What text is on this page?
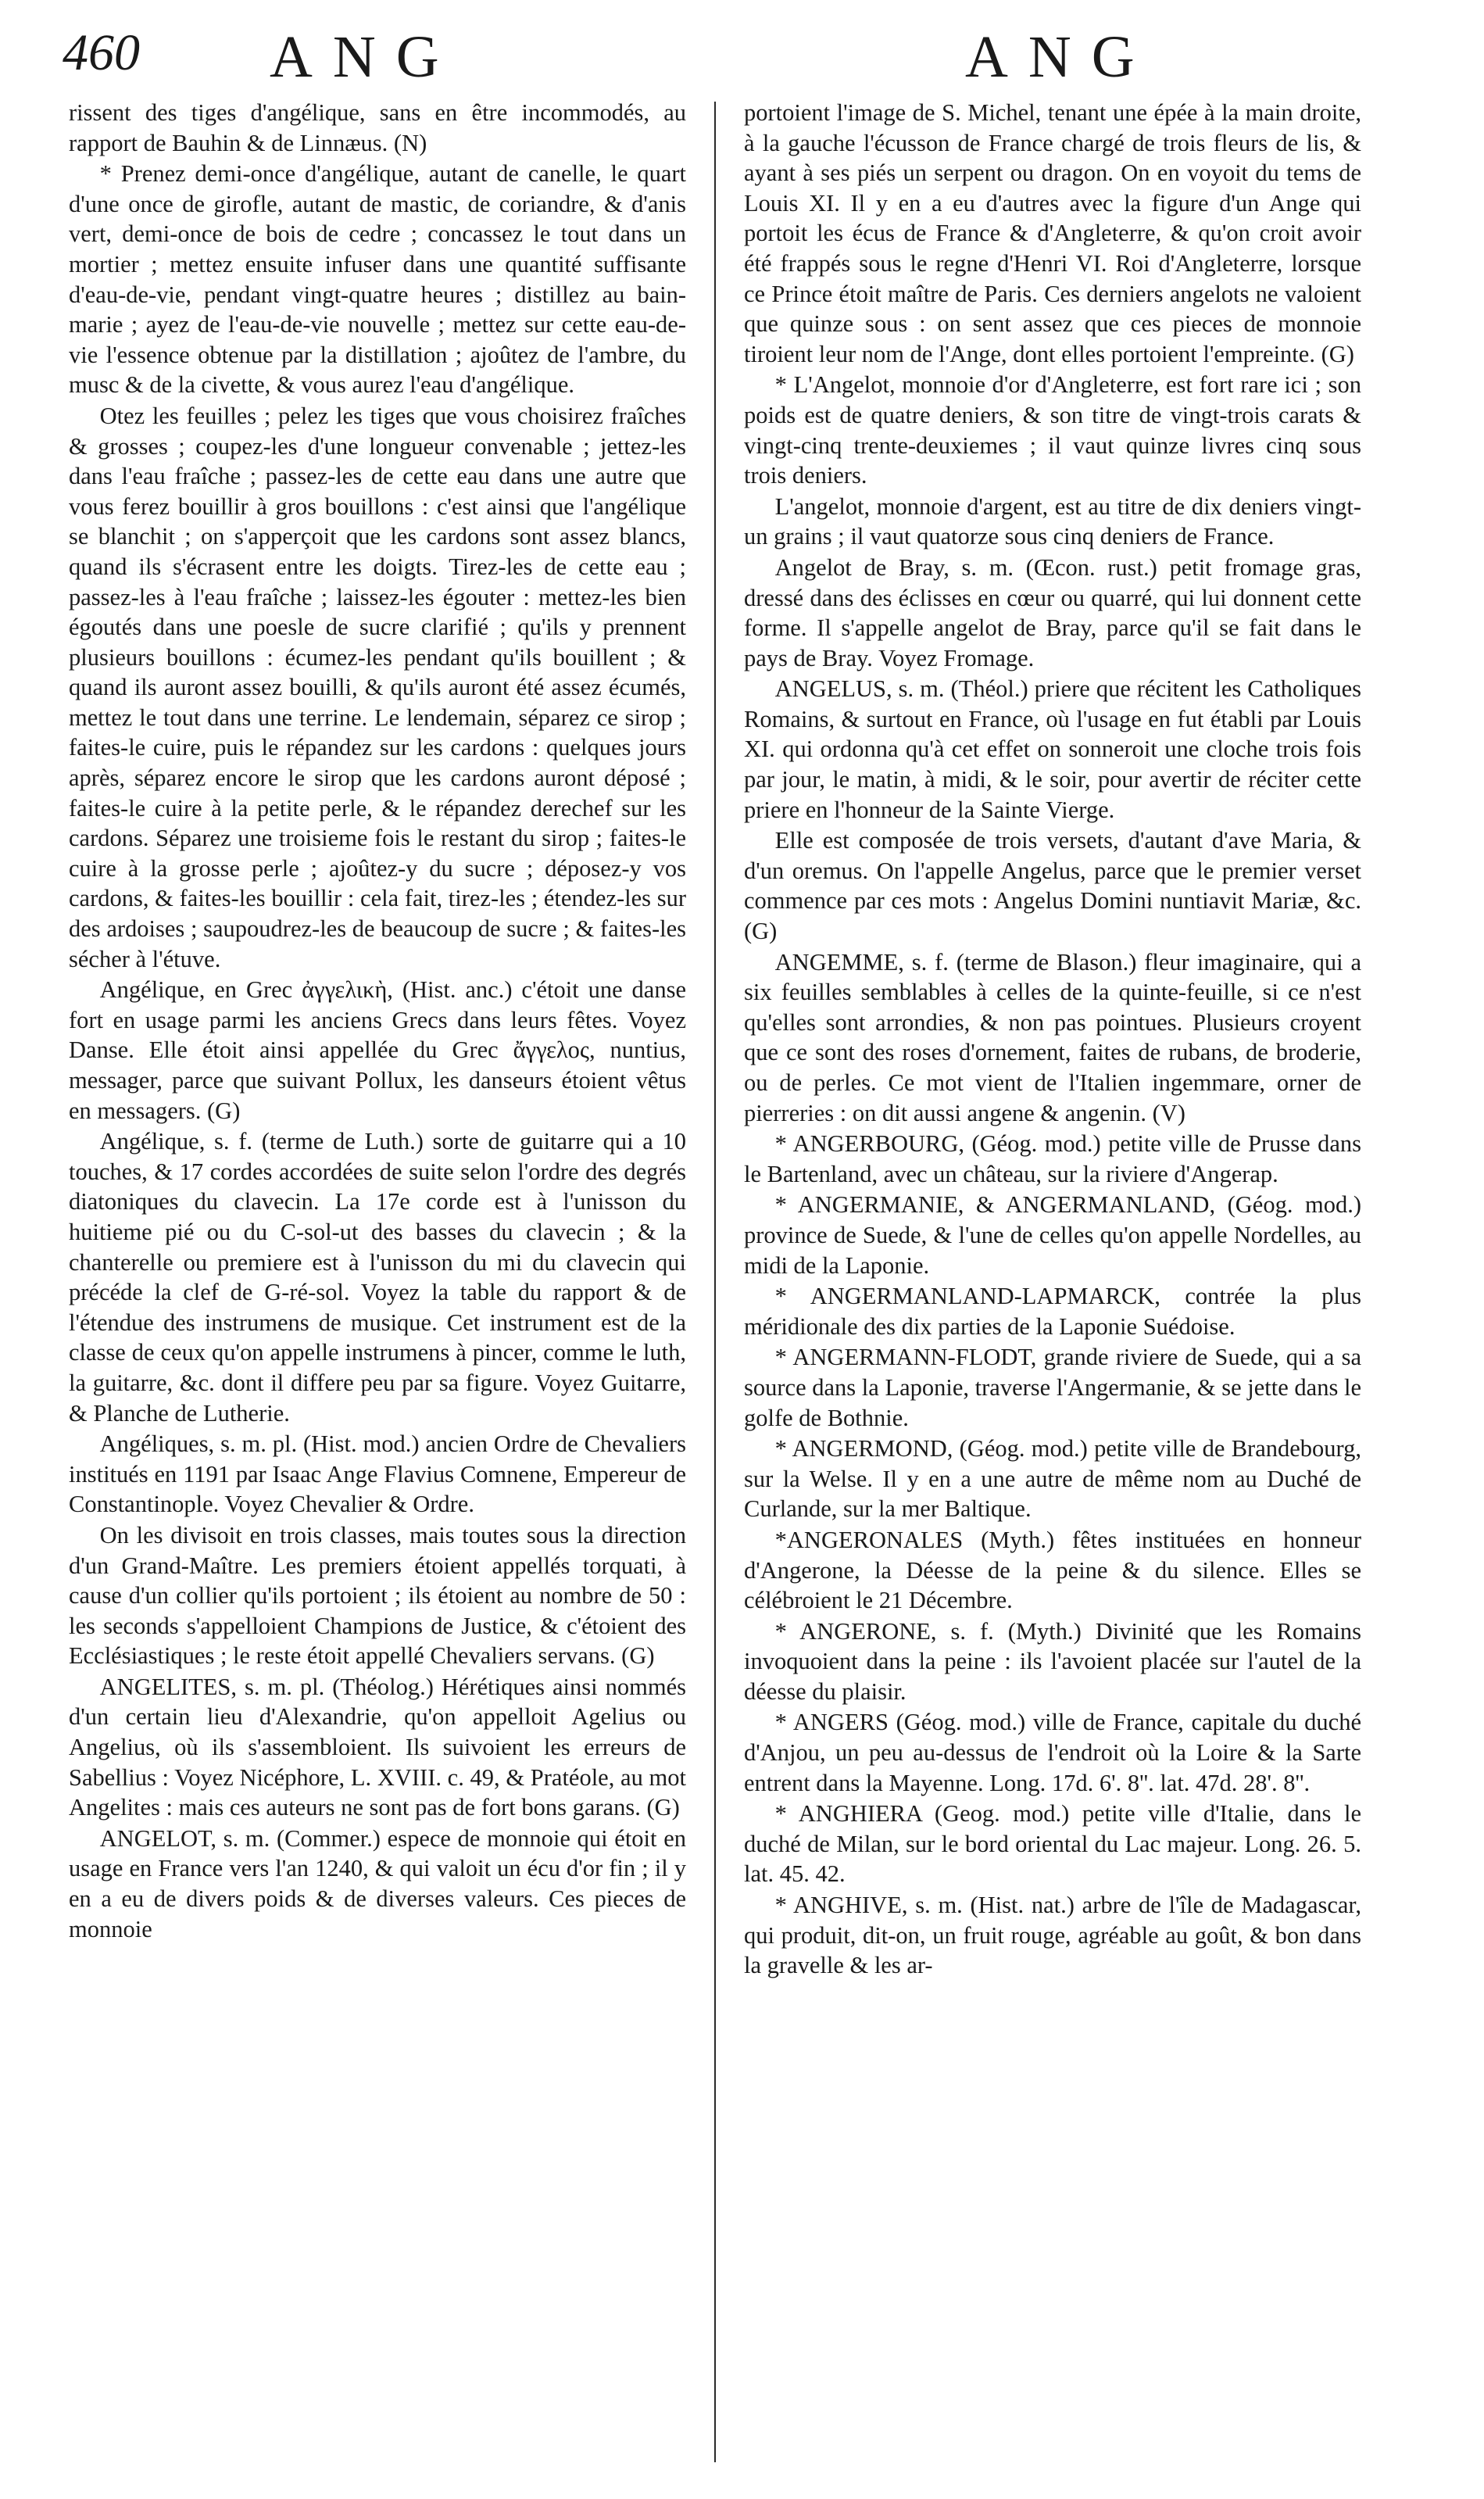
460 ANG	ANG

rissent des tiges d'angélique, sans en être incommodés, au rapport de Bauhin & de Linnæus. (N)

* Prenez demi-once d'angélique, autant de canelle, le quart d'une once de girofle, autant de mastic, de coriandre, & d'anis vert, demi-once de bois de cedre ; concassez le tout dans un mortier ; mettez ensuite infuser dans une quantité suffisante d'eau-de-vie, pendant vingt-quatre heures ; distillez au bain-marie ; ayez de l'eau-de-vie nouvelle ; mettez sur cette eau-de-vie l'essence obtenue par la distillation ; ajoûtez de l'ambre, du musc & de la civette, & vous aurez l'eau d'angélique.

Otez les feuilles ; pelez les tiges que vous choisirez fraîches & grosses ; coupez-les d'une longueur convenable ; jettez-les dans l'eau fraîche ; passez-les de cette eau dans une autre que vous ferez bouillir à gros bouillons : c'est ainsi que l'angélique se blanchit ; on s'apperçoit que les cardons sont assez blancs, quand ils s'écrasent entre les doigts. Tirez-les de cette eau ; passez-les à l'eau fraîche ; laissez-les égouter : mettez-les bien égoutés dans une poesle de sucre clarifié ; qu'ils y prennent plusieurs bouillons : écumez-les pendant qu'ils bouillent ; & quand ils auront assez bouilli, & qu'ils auront été assez écumés, mettez le tout dans une terrine. Le lendemain, séparez ce sirop ; faites-le cuire, puis le répandez sur les cardons : quelques jours après, séparez encore le sirop que les cardons auront déposé ; faites-le cuire à la petite perle, & le répandez derechef sur les cardons. Séparez une troisieme fois le restant du sirop ; faites-le cuire à la grosse perle ; ajoûtez-y du sucre ; déposez-y vos cardons, & faites-les bouillir : cela fait, tirez-les ; étendez-les sur des ardoises ; saupoudrez-les de beaucoup de sucre ; & faites-les sécher à l'étuve.

Angélique, en Grec ἀγγελικὴ, (Hist. anc.) c'étoit une danse fort en usage parmi les anciens Grecs dans leurs fêtes. Voyez Danse. Elle étoit ainsi appellée du Grec ἄγγελος, nuntius, messager, parce que suivant Pollux, les danseurs étoient vêtus en messagers. (G)

Angélique, s. f. (terme de Luth.) sorte de guitarre qui a 10 touches, & 17 cordes accordées de suite selon l'ordre des degrés diatoniques du clavecin. La 17e corde est à l'unisson du huitieme pié ou du C-sol-ut des basses du clavecin ; & la chanterelle ou premiere est à l'unisson du mi du clavecin qui précéde la clef de G-ré-sol. Voyez la table du rapport & de l'étendue des instrumens de musique. Cet instrument est de la classe de ceux qu'on appelle instrumens à pincer, comme le luth, la guitarre, &c. dont il differe peu par sa figure. Voyez Guitarre, & Planche de Lutherie.

Angéliques, s. m. pl. (Hist. mod.) ancien Ordre de Chevaliers institués en 1191 par Isaac Ange Flavius Comnene, Empereur de Constantinople. Voyez Chevalier & Ordre.

On les divisoit en trois classes, mais toutes sous la direction d'un Grand-Maître. Les premiers étoient appellés torquati, à cause d'un collier qu'ils portoient ; ils étoient au nombre de 50 : les seconds s'appelloient Champions de Justice, & c'étoient des Ecclésiastiques ; le reste étoit appellé Chevaliers servans. (G)

ANGELITES, s. m. pl. (Théolog.) Hérétiques ainsi nommés d'un certain lieu d'Alexandrie, qu'on appelloit Agelius ou Angelius, où ils s'assembloient. Ils suivoient les erreurs de Sabellius : Voyez Nicéphore, L. XVIII. c. 49, & Pratéole, au mot Angelites : mais ces auteurs ne sont pas de fort bons garans. (G)

ANGELOT, s. m. (Commer.) espece de monnoie qui étoit en usage en France vers l'an 1240, & qui valoit un écu d'or fin ; il y en a eu de divers poids & de diverses valeurs. Ces pieces de monnoie

portoient l'image de S. Michel, tenant une épée à la main droite, à la gauche l'écusson de France chargé de trois fleurs de lis, & ayant à ses piés un serpent ou dragon. On en voyoit du tems de Louis XI. Il y en a eu d'autres avec la figure d'un Ange qui portoit les écus de France & d'Angleterre, & qu'on croit avoir été frappés sous le regne d'Henri VI. Roi d'Angleterre, lorsque ce Prince étoit maître de Paris. Ces derniers angelots ne valoient que quinze sous : on sent assez que ces pieces de monnoie tiroient leur nom de l'Ange, dont elles portoient l'empreinte. (G)

* L'Angelot, monnoie d'or d'Angleterre, est fort rare ici ; son poids est de quatre deniers, & son titre de vingt-trois carats & vingt-cinq trente-deuxiemes ; il vaut quinze livres cinq sous trois deniers.

L'angelot, monnoie d'argent, est au titre de dix deniers vingt-un grains ; il vaut quatorze sous cinq deniers de France.

Angelot de Bray, s. m. (Œcon. rust.) petit fromage gras, dressé dans des éclisses en cœur ou quarré, qui lui donnent cette forme. Il s'appelle angelot de Bray, parce qu'il se fait dans le pays de Bray. Voyez Fromage.

ANGELUS, s. m. (Théol.) priere que récitent les Catholiques Romains, & surtout en France, où l'usage en fut établi par Louis XI. qui ordonna qu'à cet effet on sonneroit une cloche trois fois par jour, le matin, à midi, & le soir, pour avertir de réciter cette priere en l'honneur de la Sainte Vierge.

Elle est composée de trois versets, d'autant d'ave Maria, & d'un oremus. On l'appelle Angelus, parce que le premier verset commence par ces mots : Angelus Domini nuntiavit Mariæ, &c. (G)

ANGEMME, s. f. (terme de Blason.) fleur imaginaire, qui a six feuilles semblables à celles de la quinte-feuille, si ce n'est qu'elles sont arrondies, & non pas pointues. Plusieurs croyent que ce sont des roses d'ornement, faites de rubans, de broderie, ou de perles. Ce mot vient de l'Italien ingemmare, orner de pierreries : on dit aussi angene & angenin. (V)

* ANGERBOURG, (Géog. mod.) petite ville de Prusse dans le Bartenland, avec un château, sur la riviere d'Angerap.

* ANGERMANIE, & ANGERMANLAND, (Géog. mod.) province de Suede, & l'une de celles qu'on appelle Nordelles, au midi de la Laponie.

* ANGERMANLAND-LAPMARCK, contrée la plus méridionale des dix parties de la Laponie Suédoise.

* ANGERMANN-FLODT, grande riviere de Suede, qui a sa source dans la Laponie, traverse l'Angermanie, & se jette dans le golfe de Bothnie.

* ANGERMOND, (Géog. mod.) petite ville de Brandebourg, sur la Welse. Il y en a une autre de même nom au Duché de Curlande, sur la mer Baltique.

*ANGERONALES (Myth.) fêtes instituées en honneur d'Angerone, la Déesse de la peine & du silence. Elles se célébroient le 21 Décembre.

* ANGERONE, s. f. (Myth.) Divinité que les Romains invoquoient dans la peine : ils l'avoient placée sur l'autel de la déesse du plaisir.

* ANGERS (Géog. mod.) ville de France, capitale du duché d'Anjou, un peu au-dessus de l'endroit où la Loire & la Sarte entrent dans la Mayenne. Long. 17d. 6'. 8''. lat. 47d. 28'. 8''.

* ANGHIERA (Geog. mod.) petite ville d'Italie, dans le duché de Milan, sur le bord oriental du Lac majeur. Long. 26. 5. lat. 45. 42.

* ANGHIVE, s. m. (Hist. nat.) arbre de l'île de Madagascar, qui produit, dit-on, un fruit rouge, agréable au goût, & bon dans la gravelle & les ar-
